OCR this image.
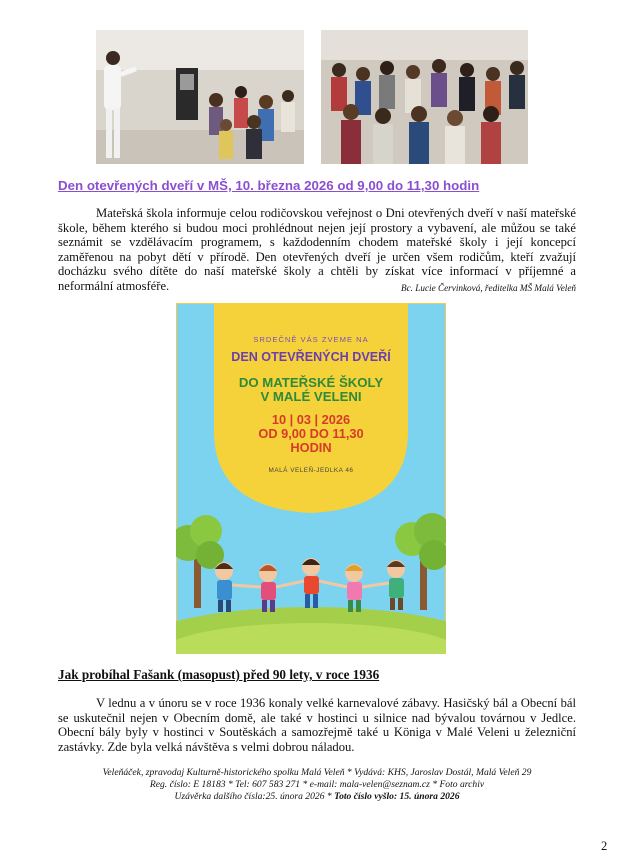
Den otevřených dveří v MŠ, 10. března 2026 od 9,00 do 11,30 hodin

Mateřská škola informuje celou rodičovskou veřejnost o Dni otevřených dveří v naší mateřské škole, během kterého si budou moci prohlédnout nejen její prostory a vybavení, ale můžou se také seznámit se vzdělávacím programem, s každodenním chodem mateřské školy i její koncepcí zaměřenou na pobyt dětí v přírodě. Den otevřených dveří je určen všem rodičům, kteří zvažují docházku svého dítěte do naší mateřské školy a chtěli by získat více informací v příjemné a neformální atmosféře.	Bc. Lucie Červinková, ředitelka MŠ Malá Veleň

SRDEČNĚ VÁS ZVEME NA
DEN OTEVŘENÝCH DVEŘÍ
DO MATEŘSKÉ ŠKOLY
V MALÉ VELENI
10 | 03 | 2026
OD 9,00 DO 11,30
HODIN
MALÁ VELEŇ-JEDLKA 46
Jak probíhal Fašank (masopust) před 90 lety, v roce 1936

V lednu a v únoru se v roce 1936 konaly velké karnevalové zábavy. Hasičský bál a Obecní bál se uskutečnil nejen v Obecním domě, ale také v hostinci u silnice nad bývalou továrnou v Jedlce. Obecní bály byly v hostinci v Soutěskách a samozřejmě také u Königa v Malé Veleni u železniční zastávky. Zde byla velká návštěva s velmi dobrou náladou.

Veleňáček, zpravodaj Kulturně-historického spolku Malá Veleň * Vydává: KHS, Jaroslav Dostál, Malá Veleň 29
Reg. číslo: E 18183 * Tel: 607 583 271 * e-mail: mala-velen@seznam.cz * Foto archiv
Uzávěrka dalšího čísla:25. února 2026 * Toto číslo vyšlo: 15. února 2026
2
